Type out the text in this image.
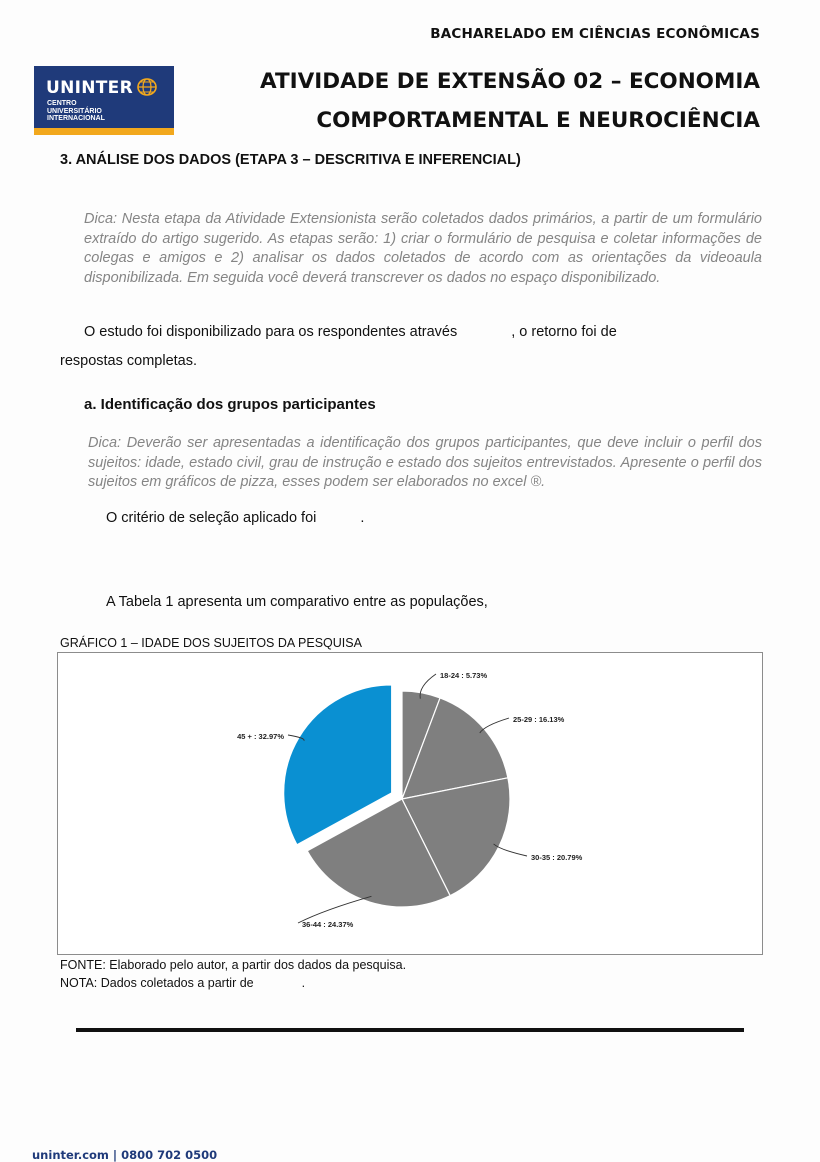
BACHARELADO EM CIÊNCIAS ECONÔMICAS
UNINTER
CENTRO
UNIVERSITÁRIO
INTERNACIONAL
ATIVIDADE DE EXTENSÃO 02 – ECONOMIA
COMPORTAMENTAL E NEUROCIÊNCIA
3. ANÁLISE DOS DADOS (ETAPA 3 – DESCRITIVA E INFERENCIAL)
Dica: Nesta etapa da Atividade Extensionista serão coletados dados primários, a partir de um formulário extraído do artigo sugerido. As etapas serão: 1) criar o formulário de pesquisa e coletar informações de colegas e amigos e 2) analisar os dados coletados de acordo com as orientações da videoaula disponibilizada. Em seguida você deverá transcrever os dados no espaço disponibilizado.
O estudo foi disponibilizado para os respondentes através	, o retorno foi de
respostas completas.
a. Identificação dos grupos participantes
Dica: Deverão ser apresentadas a identificação dos grupos participantes, que deve incluir o perfil dos sujeitos: idade, estado civil, grau de instrução e estado dos sujeitos entrevistados. Apresente o perfil dos sujeitos em gráficos de pizza, esses podem ser elaborados no excel ®.
O critério de seleção aplicado foi	.
A Tabela 1 apresenta um comparativo entre as populações,
GRÁFICO 1 – IDADE DOS SUJEITOS DA PESQUISA
18-24 : 5.73%
25-29 : 16.13%
30-35 : 20.79%
36-44 : 24.37%
45 + : 32.97%
FONTE: Elaborado pelo autor, a partir dos dados da pesquisa.
NOTA: Dados coletados a partir de	.
uninter.com | 0800 702 0500
